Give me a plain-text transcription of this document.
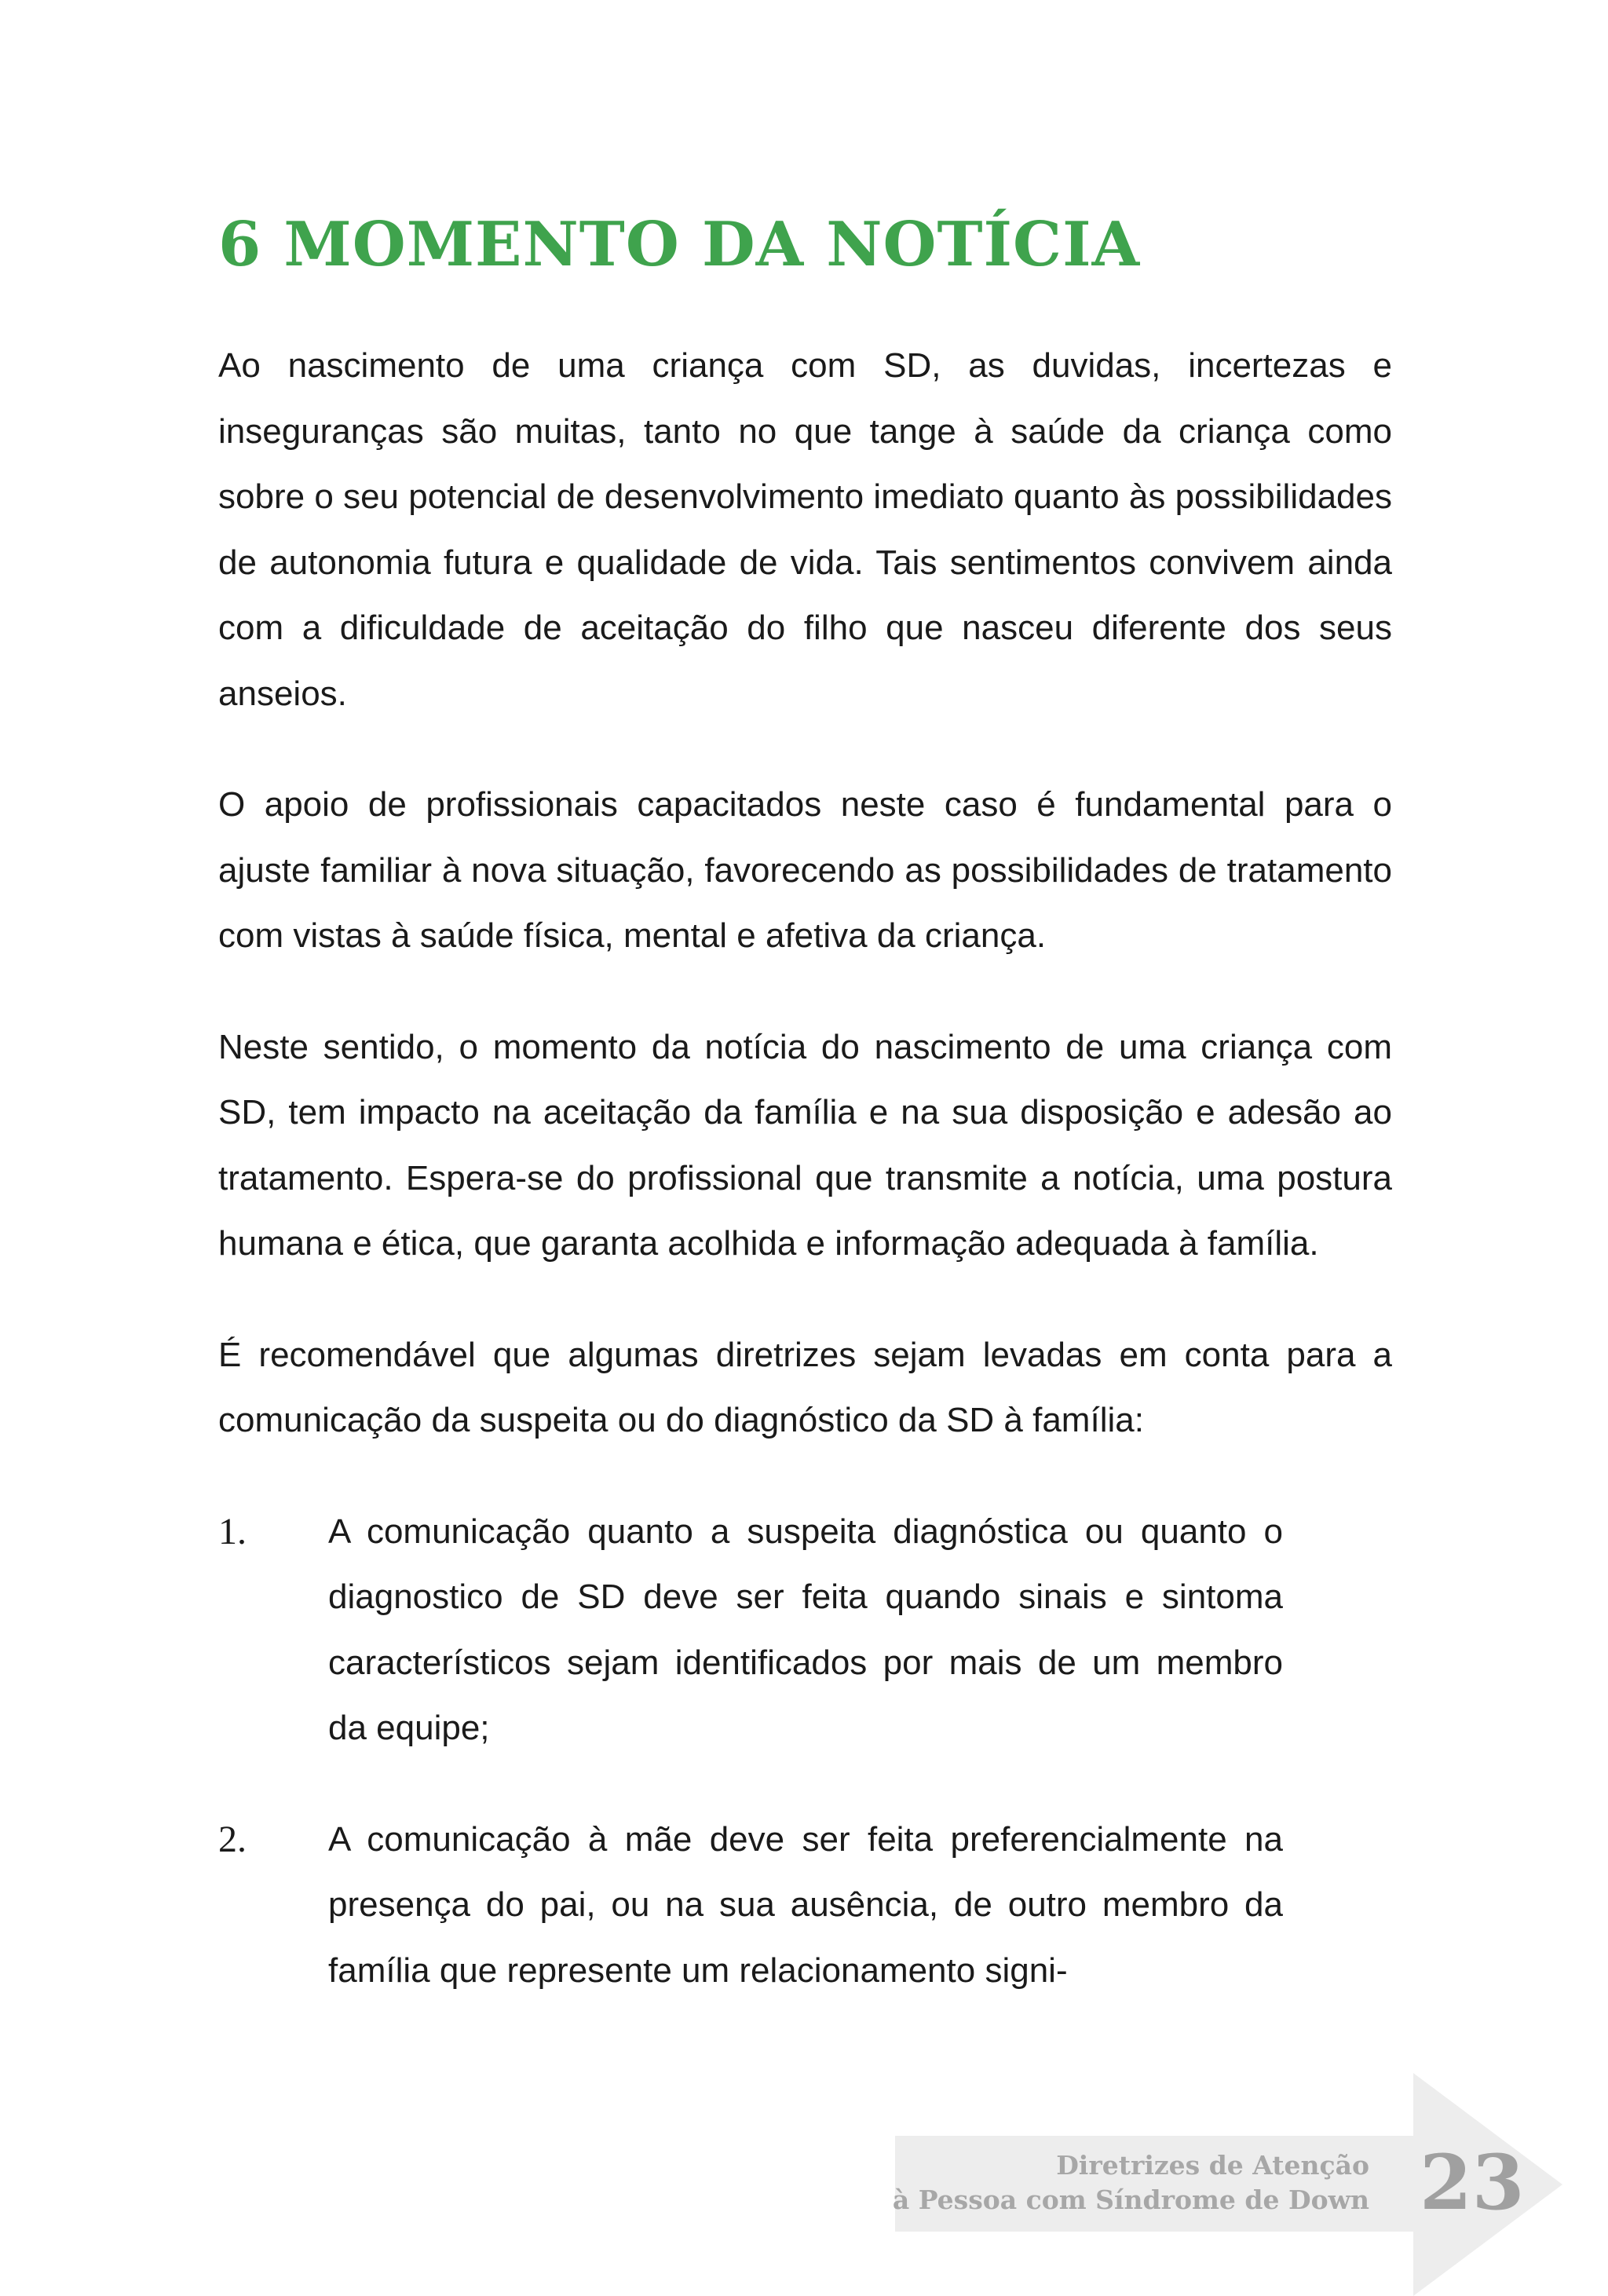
6 MOMENTO DA NOTÍCIA

Ao nascimento de uma criança com SD, as duvidas, incertezas e inseguranças são muitas, tanto no que tange à saúde da criança como sobre o seu potencial de desenvolvimento imediato quanto às possibilidades de autonomia futura e qualidade de vida. Tais sentimentos convivem ainda com a dificuldade de aceitação do filho que nasceu diferente dos seus anseios.

O apoio de profissionais capacitados neste caso é fundamental para o ajuste familiar à nova situação, favorecendo as possibilidades de tratamento com vistas à saúde física, mental e afetiva da criança.

Neste sentido, o momento da notícia do nascimento de uma criança com SD, tem impacto na aceitação da família e na sua disposição e adesão ao tratamento. Espera-se do profissional que transmite a notícia, uma postura humana e ética, que garanta acolhida e informação adequada à família.

É recomendável que algumas diretrizes sejam levadas em conta para a comunicação da suspeita ou do diagnóstico da SD à família:

1.	A comunicação quanto a suspeita diagnóstica ou quanto o diagnostico de SD deve ser feita quando sinais e sintoma característicos sejam identificados por mais de um membro da equipe;
2.	A comunicação à mãe deve ser feita preferencialmente na presença do pai, ou na sua ausência, de outro membro da família que represente um relacionamento signi-
Diretrizes de Atenção
à Pessoa com Síndrome de Down 23
